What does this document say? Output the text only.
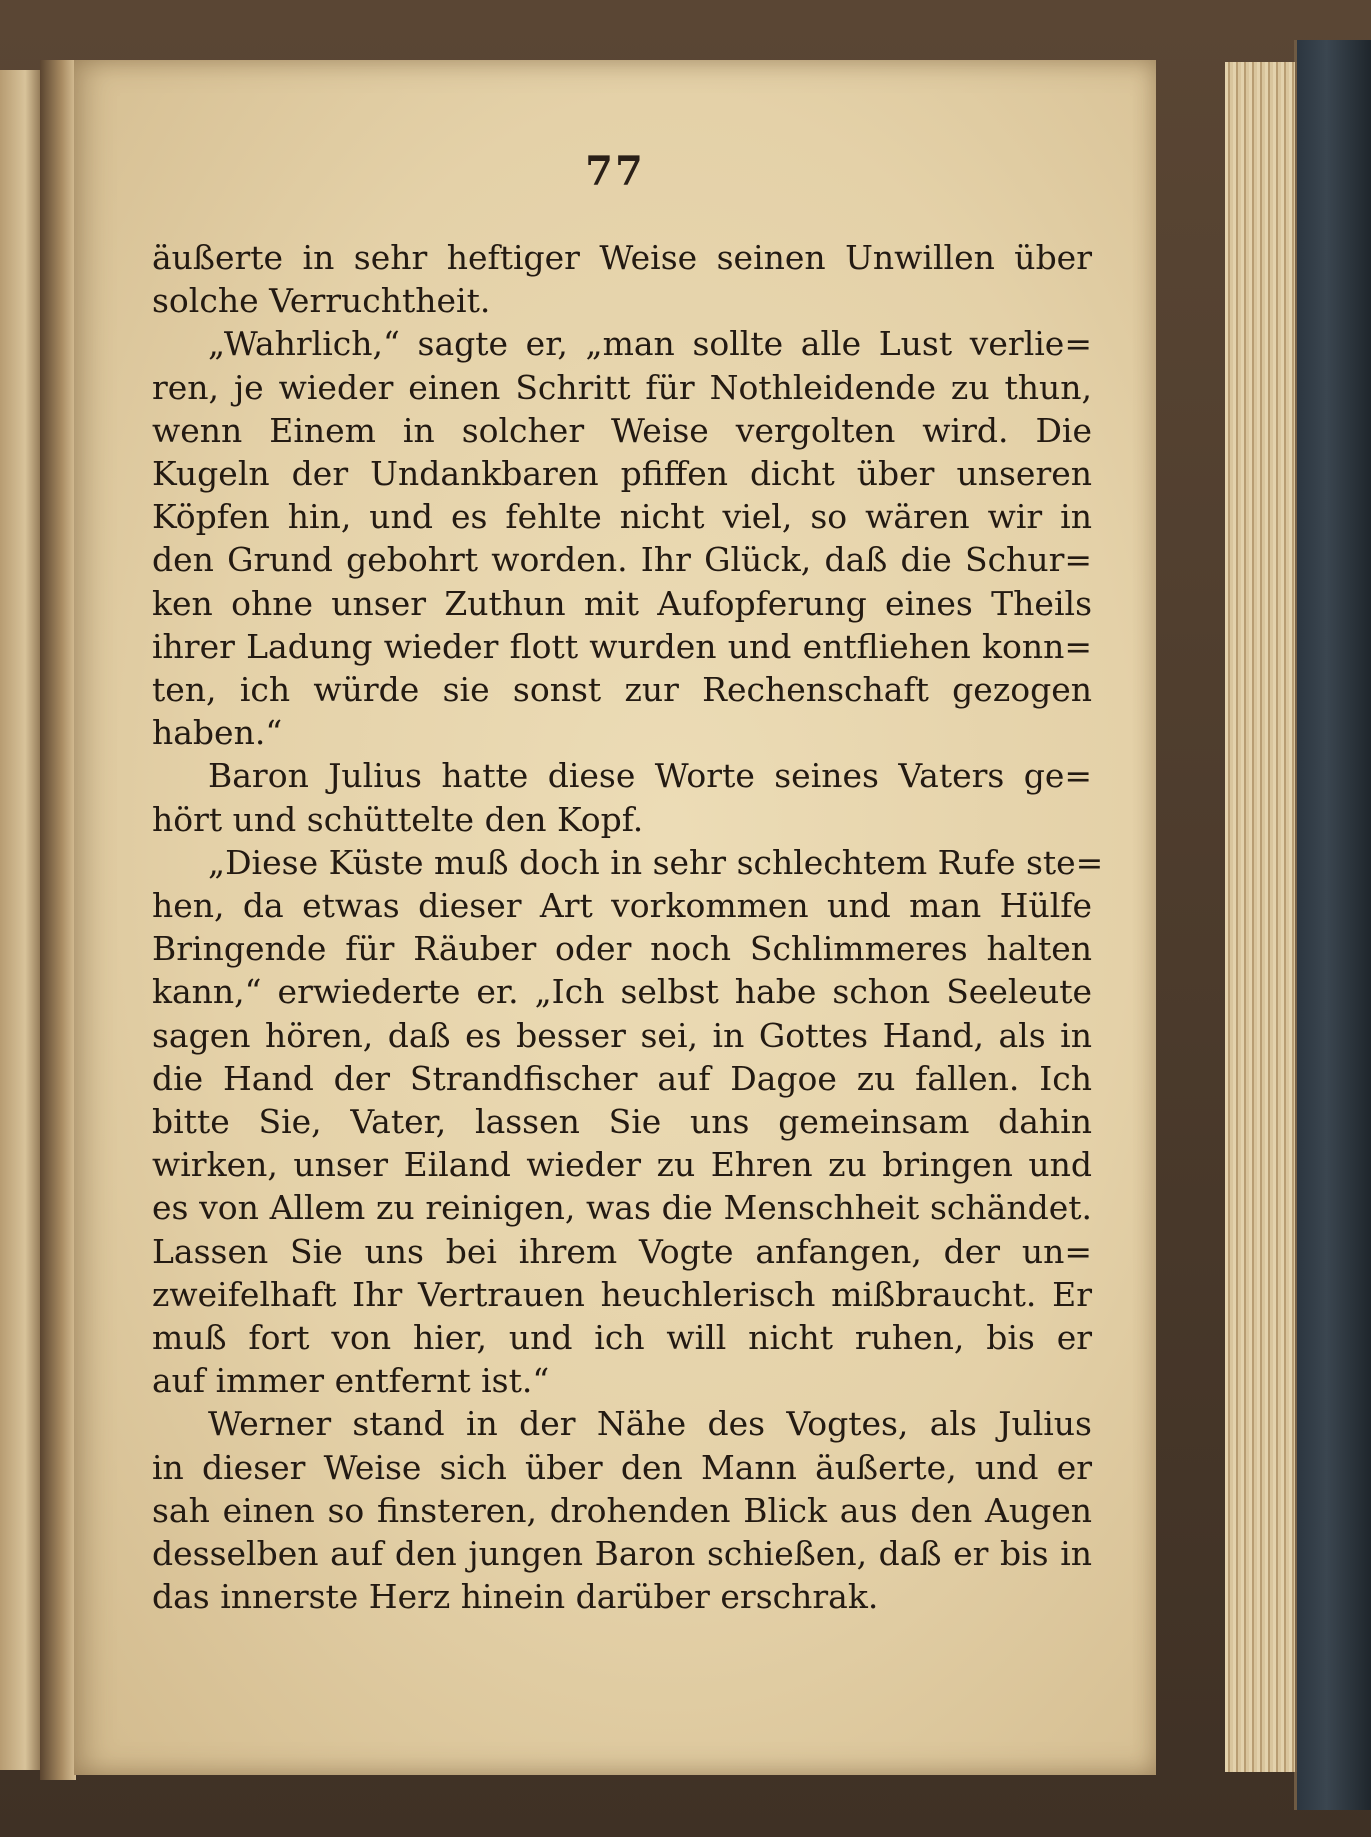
77
äußerte in sehr heftiger Weise seinen Unwillen über
solche Verruchtheit.
„Wahrlich,“ sagte er, „man sollte alle Lust verlie=
ren, je wieder einen Schritt für Nothleidende zu thun,
wenn Einem in solcher Weise vergolten wird. Die
Kugeln der Undankbaren pfiffen dicht über unseren
Köpfen hin, und es fehlte nicht viel, so wären wir in
den Grund gebohrt worden. Ihr Glück, daß die Schur=
ken ohne unser Zuthun mit Aufopferung eines Theils
ihrer Ladung wieder flott wurden und entfliehen konn=
ten, ich würde sie sonst zur Rechenschaft gezogen
haben.“
Baron Julius hatte diese Worte seines Vaters ge=
hört und schüttelte den Kopf.
„Diese Küste muß doch in sehr schlechtem Rufe ste=
hen, da etwas dieser Art vorkommen und man Hülfe
Bringende für Räuber oder noch Schlimmeres halten
kann,“ erwiederte er. „Ich selbst habe schon Seeleute
sagen hören, daß es besser sei, in Gottes Hand, als in
die Hand der Strandfischer auf Dagoe zu fallen. Ich
bitte Sie, Vater, lassen Sie uns gemeinsam dahin
wirken, unser Eiland wieder zu Ehren zu bringen und
es von Allem zu reinigen, was die Menschheit schändet.
Lassen Sie uns bei ihrem Vogte anfangen, der un=
zweifelhaft Ihr Vertrauen heuchlerisch mißbraucht. Er
muß fort von hier, und ich will nicht ruhen, bis er
auf immer entfernt ist.“
Werner stand in der Nähe des Vogtes, als Julius
in dieser Weise sich über den Mann äußerte, und er
sah einen so finsteren, drohenden Blick aus den Augen
desselben auf den jungen Baron schießen, daß er bis in
das innerste Herz hinein darüber erschrak.
